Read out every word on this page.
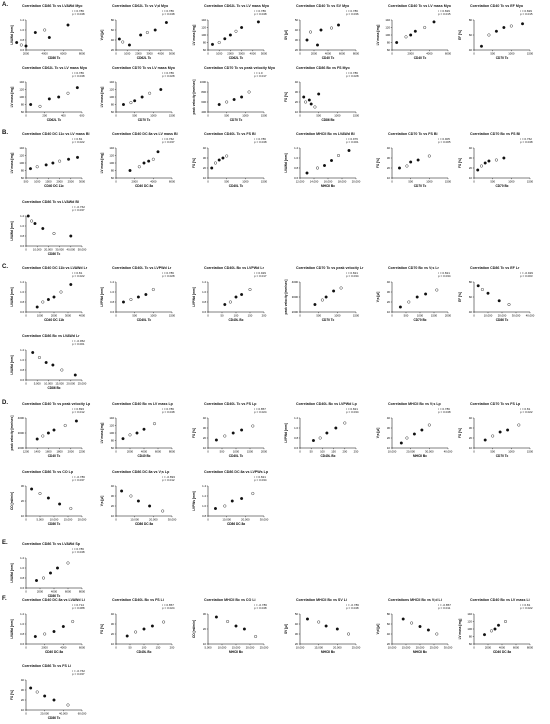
A.	Correlation CD86 Tc vs LVAWd Myo
r = 0.786
p = 0.048
2000	4000	6000	8000
0.6
0.8
1.0
1.2
CD86 Tc
LVAWd [mm]
Correlation CD62L Tc vs V;d Myo
r = 0.786
p = 0.048
0	1000 2000 3000 4000 5000
20
40
60
80
CD62L Tc
V;d [µl]
Correlation CD62L Tc vs LV mass Myo
r = 0.786
p = 0.048
0	1000 2000 3000 4000 5000
60
80
100
120
140
CD62L Tc
LV mass [mg]
Correlation CD40 Tc vs SV Myo
r = 0.786
p = 0.036
0	2000	4000	6000	8000
20
30
40
50
CD40 Tc
SV [µl]
Correlation CD40 Tc vs LV mass Myo
r = 0.829
p = 0.015
0	2000	4000	6000
60
80
100
120
140
CD40 Tc
LV mass [mg]
Correlation CD40 Tc vs EF Myo
r = 0.829
p = 0.015
0	500	1000	1500
40
60
80
CD70 Tc
EF [%]
Correlation CD62L Tc vs LV mass Myo
r = 0.786
p = 0.048
0	200	400	600
60
80
100
120
140
CD62L Tc
LV mass [mg]
Correlation CD70 Tc vs LV mass Myo
r = 0.786
p = 0.028
0	500	1000	1500
60
80
100
120
140
CD70 Tc
LV mass [mg]
Correlation CD70 Tc vs peak velocity Myo
r = 1.0
p = 0.017
0	500	1000	1500
400
600
800
1000
CD70 Tc
peak velocity [mm/sec]
Correlation CD86 Bc vs FS Myo
r = 0.786
p = 0.028
0	500	1000	1500
10
20
30
40
CD86 Bc
FS [%]
B.	Correlation CD40 DC 11c vs LV mass Bl
r = 0.81
p = 0.022
500 1000 1500 2000 2500 3000
60
80
100
120
140
CD40 DC 11c
LV mass [mg]
Correlation CD40 DC 8a vs LV mass Bl
r = 0.762
p = 0.037
0	2000	4000	6000
60
80
100
120
140
CD40 DC 8a
LV mass [mg]
Correlation CD40L Tc vs FS Bl
r = 0.786
p = 0.048
0	500	1000	1500
10
20
30
40
CD40L Tc
FS [%]
Correlation MHCII Bc vs LVAWd Bl
r = 0.976
p = 0.001
12,000 14,000 16,000 18,000 20,000
0.6
0.8
1.0
1.2
MHCII Bc
LVAWd [mm]
Correlation CD70 Tc vs FS Bl
r = 0.905
p = 0.005
0	500	1000	1500
10
20
30
40
CD70 Tc
FS [%]
Correlation CD70 Bc vs FS Bl
r = 0.762
p = 0.048
0	500	1000	1500
10
20
30
40
CD70 Bc
FS [%]
Correlation CD86 Tc vs LVAWd Bl
r = -0.762
p = 0.037
0 10,000 20,000 30,000 40,000 50,000
0.6
0.8
1.0
1.2
CD86 Tc
LVAWd [mm]
C.	Correlation CD40 DC 11b vs LVAWd Lr
r = 0.81
p = 0.022
0	1000	2000	3000	4000
0.6
0.8
1.0
1.2
CD40 DC 11b
LVAWd [mm]
Correlation CD40L Tc vs LVPWd Lr
r = 0.786
p = 0.028
0	500	1000	1500
0.6
0.8
1.0
1.2
CD40L Tc
LVPWd [mm]
Correlation CD40L Bc vs LVPWd Lr
r = 0.929
p = 0.017
0	50	100	150	200
0.6
0.8
1.0
1.2
CD40L Bc
LVPWd [mm]
Correlation CD70 Tc vs peak velocity Lr
r = 0.821
p = 0.034
0	500	1000	1500
2000
3000
4000
CD70 Tc
peak velocity [mm/sec]
Correlation CD70 Bc vs V;s Lr
r = 0.821
p = 0.034
0	500	1000	1500	2000
10
20
30
40
CD70 Bc
V;s [µl]
Correlation CD86 Tc vs EF Lr
r = -0.929
p = 0.003
0	10,000 20,000 30,000 40,000
40
60
80
CD86 Tc
EF [%]
Correlation CD86 Bc vs LVAWd Lr
r = -0.952
p = 0.001
0 5,000 10,000 15,000 20,000 25,000
0.6
0.8
1.0
1.2
CD86 Bc
LVAWd [mm]
D.	Correlation CD40 Tc vs peak velocity Lp
r = 0.893
p = 0.012
1200 1400 1600 1800 2000 2200
2000
3000
4000
CD40 Tc
peak velocity [mm/sec]
Correlation CD40 Bc vs LV mass Lp
r = 0.786
p = 0.048
0	2000	4000	6000	8000
60
80
100
120
140
CD40 Bc
LV mass [mg]
Correlation CD40L Tc vs FS Lp
r = 0.857
p = 0.024
0	500	1000	1500	2000
10
20
30
40
CD40L Tc
FS [%]
Correlation CD40L Bc vs LVPWd Lp
r = 0.821
p = 0.034
0	50	100 150 200 250
0.6
0.8
1.0
1.2
CD40L Bc
LVPWd [mm]
Correlation MHCII Bc vs V;s Lp
r = 0.786
p = 0.048
10,000	20,000	30,000	40,000
10
20
30
40
MHCII Bc
V;s [µl]
Correlation CD70 Tc vs FS Lp
r = 0.81
p = 0.022
0	500	1000	1500
10
20
30
40
CD70 Tc
FS [%]
Correlation CD86 Tc vs CO Lp
r = -0.786
p = 0.037
0	5,000 10,000 15,000 20,000
10
20
30
CD86 Tc
CO [ml/min]
Correlation CD86 DC 8a vs V;s Lp
r = -0.893
p = 0.012
0	10,000	20,000	30,000
10
20
30
40
CD86 DC 8a
V;s [µl]
Correlation CD86 DC 8a vs LVPWs Lp
r = 0.821
p = 0.034
0	10,000	20,000	30,000
0.8
1.0
1.2
1.4
CD86 DC 8a
LVPWs [mm]
E.	Correlation CD86 Tc vs LVAWd Sp
r = 0.786
p = 0.048
0	2000	4000	6000	8000
0.6
0.8
1.0
1.2
CD86 Tc
LVAWd [mm]
F.	Correlation CD40 DC 8a vs LVAWd Li
r = 0.714
p = 0.088
0	2000	4000	6000
0.6
0.8
1.0
1.2
CD40 DC 8a
LVAWd [mm]
Correlation CD40L Bc vs FS Li
r = 0.857
p = 0.024
0	50	100	150	200
10
20
30
40
CD40L Bc
FS [%]
Correlation MHCII Bc vs CO Li
r = -0.786
p = 0.048
5,000 10,000 15,000 20,000 25,000
10
20
30
MHCII Bc
CO [ml/min]
Correlation MHCII Bc vs SV Li
r = -0.786
p = 0.048
10,000	15,000	20,000	25,000
20
30
40
50
MHCII Bc
SV [µl]
Correlations MHCII Bc vs V;d Li
r = -0.857
p = 0.011
10,000 15,000 20,000 25,000 30,000
20
40
60
80
MHCII Bc
V;d [µl]
Correlation CD40 Bc vs LV mass Li
r = 0.81
p = 0.022
0	2000	4000	6000	8000
60
80
100
120
140
CD40 DC 8a
LV mass [mg]
Correlation CD86 Tc vs FS Li
r = -0.762
p = 0.037
0	20,000	40,000	60,000
10
20
30
40
CD86 Tc
FS [%]
